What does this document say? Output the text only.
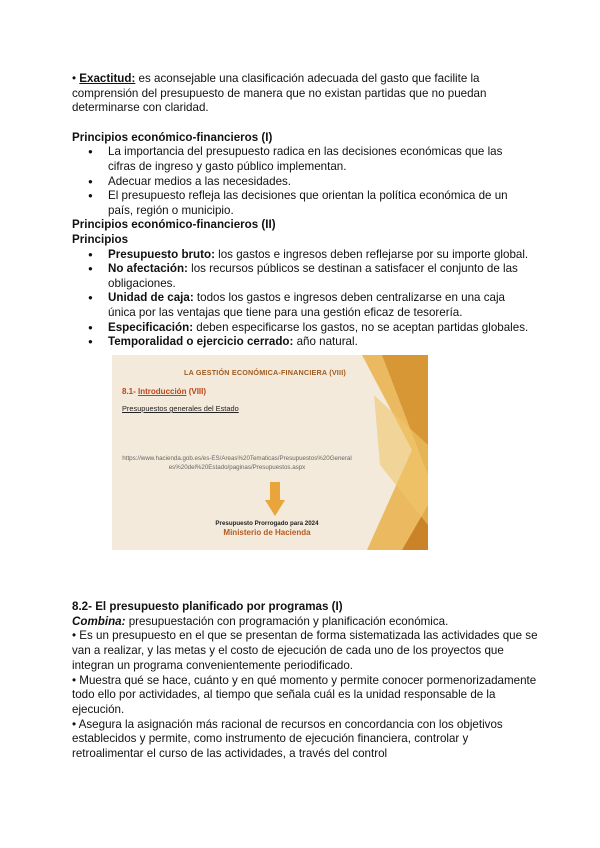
• Exactitud: es aconsejable una clasificación adecuada del gasto que facilite la
comprensión del presupuesto de manera que no existan partidas que no puedan
determinarse con claridad.

Principios económico-financieros (I)

● La importancia del presupuesto radica en las decisiones económicas que las cifras de ingreso y gasto público implementan.
● Adecuar medios a las necesidades.
● El presupuesto refleja las decisiones que orientan la política económica de un país, región o municipio.

Principios económico-financieros (II)

Principios

● Presupuesto bruto: los gastos e ingresos deben reflejarse por su importe global.
● No afectación: los recursos públicos se destinan a satisfacer el conjunto de las obligaciones.
● Unidad de caja: todos los gastos e ingresos deben centralizarse en una caja única por las ventajas que tiene para una gestión eficaz de tesorería.
● Especificación: deben especificarse los gastos, no se aceptan partidas globales.
● Temporalidad o ejercicio cerrado: año natural.
LA GESTIÓN ECONÓMICA-FINANCIERA (VIII)
8.1- Introducción (VIII)
Presupuestos generales del Estado
https://www.hacienda.gob.es/es-ES/Areas%20Tematicas/Presupuestos%20Generales%20del%20Estado/paginas/Presupuestos.aspx
Presupuesto Prorrogado para 2024
Ministerio de Hacienda

8.2- El presupuesto planificado por programas (I)

Combina: presupuestación con programación y planificación económica.

• Es un presupuesto en el que se presentan de forma sistematizada las actividades que se van a realizar, y las metas y el costo de ejecución de cada uno de los proyectos que integran un programa convenientemente periodificado.

• Muestra qué se hace, cuánto y en qué momento y permite conocer pormenorizadamente todo ello por actividades, al tiempo que señala cuál es la unidad responsable de la ejecución.

• Asegura la asignación más racional de recursos en concordancia con los objetivos establecidos y permite, como instrumento de ejecución financiera, controlar y retroalimentar el curso de las actividades, a través del control
